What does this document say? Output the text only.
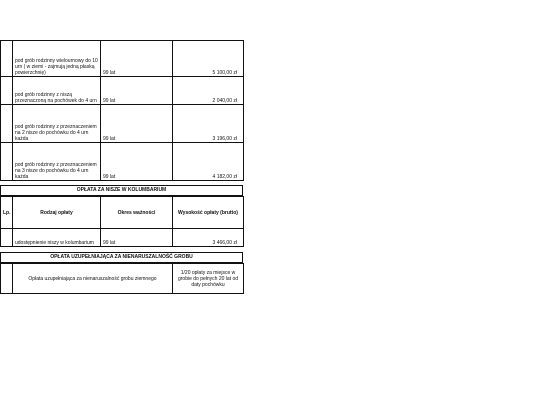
	pod grób rodzinny wielournowy do 10 urn ( w ziemi - zajmują jedną płaską powierzchnię)	99 lat	5 100,00 zł
	pod grób rodzinny z niszą przeznaczoną na pochówek do 4 urn	99 lat	2 040,00 zł
	pod grób rodzinny z przeznaczeniem na 2 nisze do pochówku do 4 urn każda	99 lat	3 196,00 zł
	pod grób rodzinny z przeznaczeniem na 3 nisze do pochówku do 4 urn każda	99 lat	4 182,00 zł
OPŁATA ZA NISZE W KOLUMBARIUM
Lp.	Rodzaj opłaty	Okres ważności	Wysokość opłaty (brutto)
	udostępnienie niszy w kolumbarium	99 lat	3 466,00 zł
OPŁATA UZUPEŁNIAJĄCA ZA NIENARUSZALNOŚĆ GROBU
	Opłata uzupełniająca za nienaruszalność grobu ziemnego	1/20 opłaty za miejsce w grobie do pełnych 20 lat od daty pochówku
